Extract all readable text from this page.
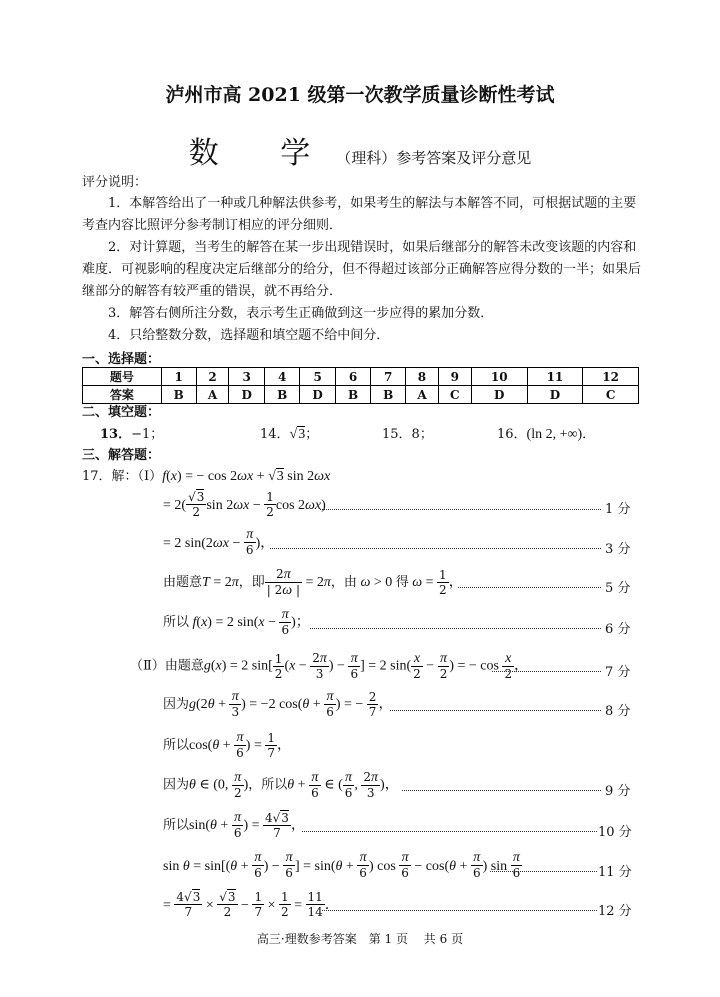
泸州市高 2021 级第一次教学质量诊断性考试
数 学（理科）参考答案及评分意见
评分说明：
1．本解答给出了一种或几种解法供参考，如果考生的解法与本解答不同，可根据试题的主要考查内容比照评分参考制订相应的评分细则．
2．对计算题，当考生的解答在某一步出现错误时，如果后继部分的解答未改变该题的内容和难度．可视影响的程度决定后继部分的给分，但不得超过该部分正确解答应得分数的一半；如果后继部分的解答有较严重的错误，就不再给分．
3．解答右侧所注分数，表示考生正确做到这一步应得的累加分数．
4．只给整数分数，选择题和填空题不给中间分．
一、选择题：
题号	1	2	3	4	5	6	7	8	9	10	11	12
答案	B	A	D	B	D	B	B	A	C	D	D	C
二、填空题：
13．−1；	14．√3；	15．8；	16．(ln 2, +∞)．
三、解答题：
17．解：（Ⅰ）f(x) = − cos 2ωx + √3 sin 2ωx
= $2( \frac{√3}{2}$ $\sin 2\omega x - \frac{1}{2}$ cos 2ωx)	1 分
= 2 $\sin(2\omega x - \frac{\pi}{6}$ )，	3 分
由题意T = 2π，即 $\frac{2\pi}{| 2\omega |} = 2\pi$，由 ω > 0 得 $\omega = \frac{1}{2}$ ，	5 分
所以 f(x) = 2 $\sin(x - \frac{\pi}{6}$ )；	6 分
（Ⅱ）由题意g(x) = 2 $\sin[ \frac{1}{2} (x - \frac{2\pi}{3}$ ) − $\frac{\pi}{6}$ ] = 2 $\sin( \frac{x}{2} - \frac{\pi}{2}$ ) = − $\cos \frac{x}{2}$ ，	7 分
因为$g(2\theta + \frac{\pi}{3}$ ) = −2 $\cos(\theta + \frac{\pi}{6}$ ) = − $\frac{2}{7}$ ，	8 分
所以$\cos(\theta + \frac{\pi}{6}$ ) = $\frac{1}{7}$ ，
因为θ ∈ (0, $\frac{\pi}{2}$ )，所以$\theta + \frac{\pi}{6}$ ∈ ( $\frac{\pi}{6}$ , $\frac{2\pi}{3}$ )，	9 分
所以$\sin(\theta + \frac{\pi}{6}$ ) = $\frac{4√3}{7}$ ，	10 分
$\sin \theta = \sin[(\theta + \frac{\pi}{6}$ ) − $\frac{\pi}{6}$ ] = $\sin(\theta + \frac{\pi}{6}$ ) $\cos \frac{\pi}{6} - \cos(\theta + \frac{\pi}{6}$ ) $\sin \frac{\pi}{6}$	11 分
= $\frac{4√3}{7} \times \frac{√3}{2} - \frac{1}{7} \times \frac{1}{2} = \frac{11}{14}$ ．	12 分
高三·理数参考答案　第 1 页　 共 6 页
